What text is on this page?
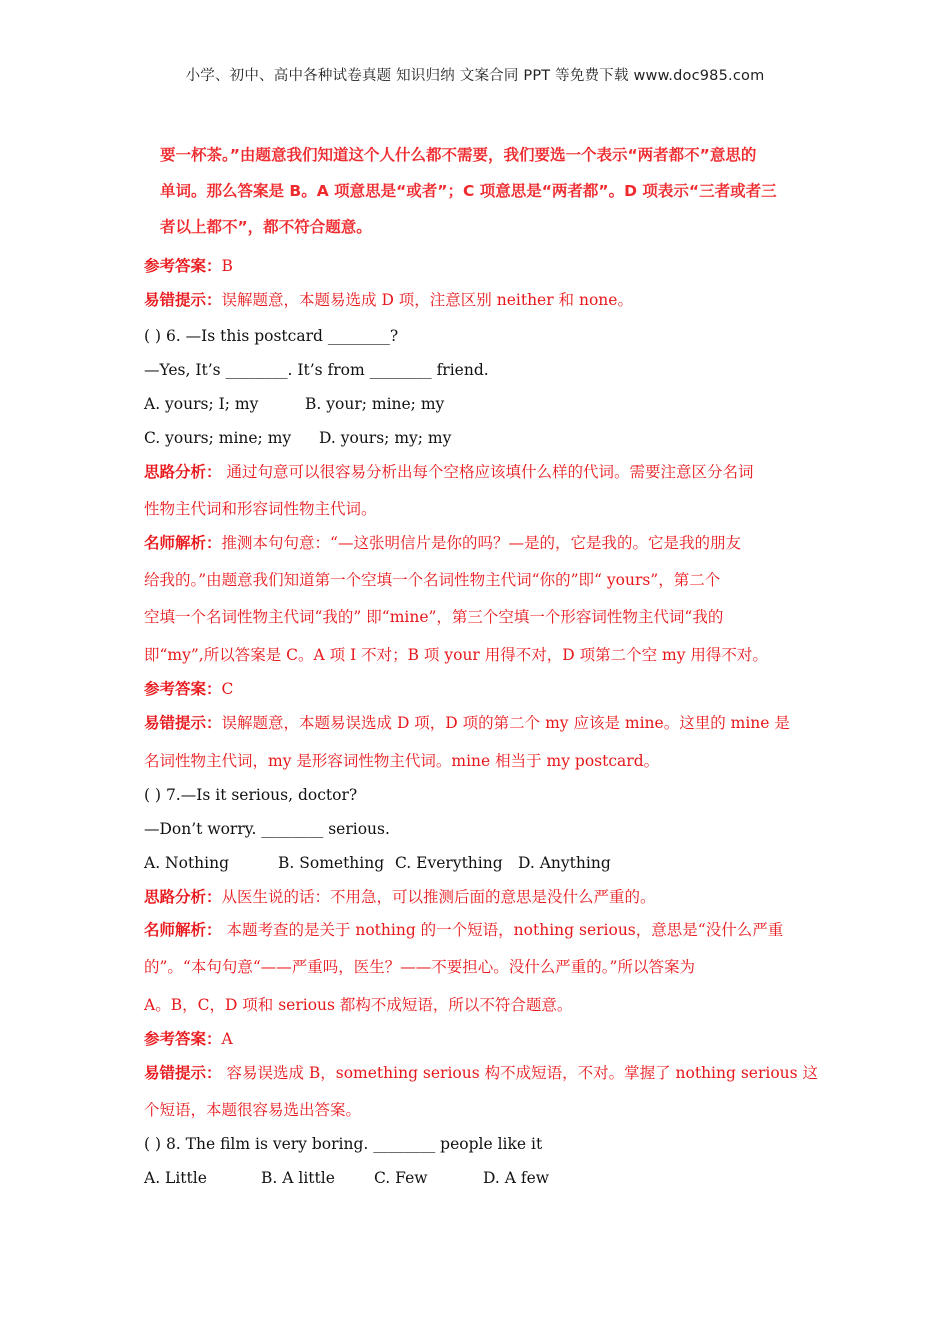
小学、初中、高中各种试卷真题 知识归纳 文案合同 PPT 等免费下载 www.doc985.com
要一杯茶。”由题意我们知道这个人什么都不需要，我们要选一个表示“两者都不”意思的
单词。那么答案是 B。A 项意思是“或者”；C 项意思是“两者都”。D 项表示“三者或者三
者以上都不”，都不符合题意。
参考答案：B
易错提示：误解题意，本题易选成 D 项，注意区别 neither 和 none。
( ) 6. —Is this postcard ________?
—Yes, It’s ________. It’s from ________ friend.
A. yours; I; my	B. your; mine; my
C. yours; mine; my D. yours; my; my
思路分析： 通过句意可以很容易分析出每个空格应该填什么样的代词。需要注意区分名词
性物主代词和形容词性物主代词。
名师解析：推测本句句意：“—这张明信片是你的吗？—是的，它是我的。它是我的朋友
给我的。”由题意我们知道第一个空填一个名词性物主代词“你的”即“ yours”，第二个
空填一个名词性物主代词“我的” 即“mine”，第三个空填一个形容词性物主代词“我的
即“my”,所以答案是 C。A 项 I 不对；B 项 your 用得不对，D 项第二个空 my 用得不对。
参考答案：C
易错提示：误解题意，本题易误选成 D 项，D 项的第二个 my 应该是 mine。这里的 mine 是
名词性物主代词，my 是形容词性物主代词。mine 相当于 my postcard。
( ) 7.—Is it serious, doctor?
—Don’t worry. ________ serious.
A. Nothing	B. Something C. Everything D. Anything
思路分析：从医生说的话：不用急，可以推测后面的意思是没什么严重的。
名师解析： 本题考查的是关于 nothing 的一个短语，nothing serious，意思是“没什么严重
的”。“本句句意“——严重吗，医生？——不要担心。没什么严重的。”所以答案为
A。B，C，D 项和 serious 都构不成短语，所以不符合题意。
参考答案：A
易错提示： 容易误选成 B，something serious 构不成短语，不对。掌握了 nothing serious 这
个短语，本题很容易选出答案。
( ) 8. The film is very boring. ________ people like it
A. Little	B. A little	C. Few	D. A few
